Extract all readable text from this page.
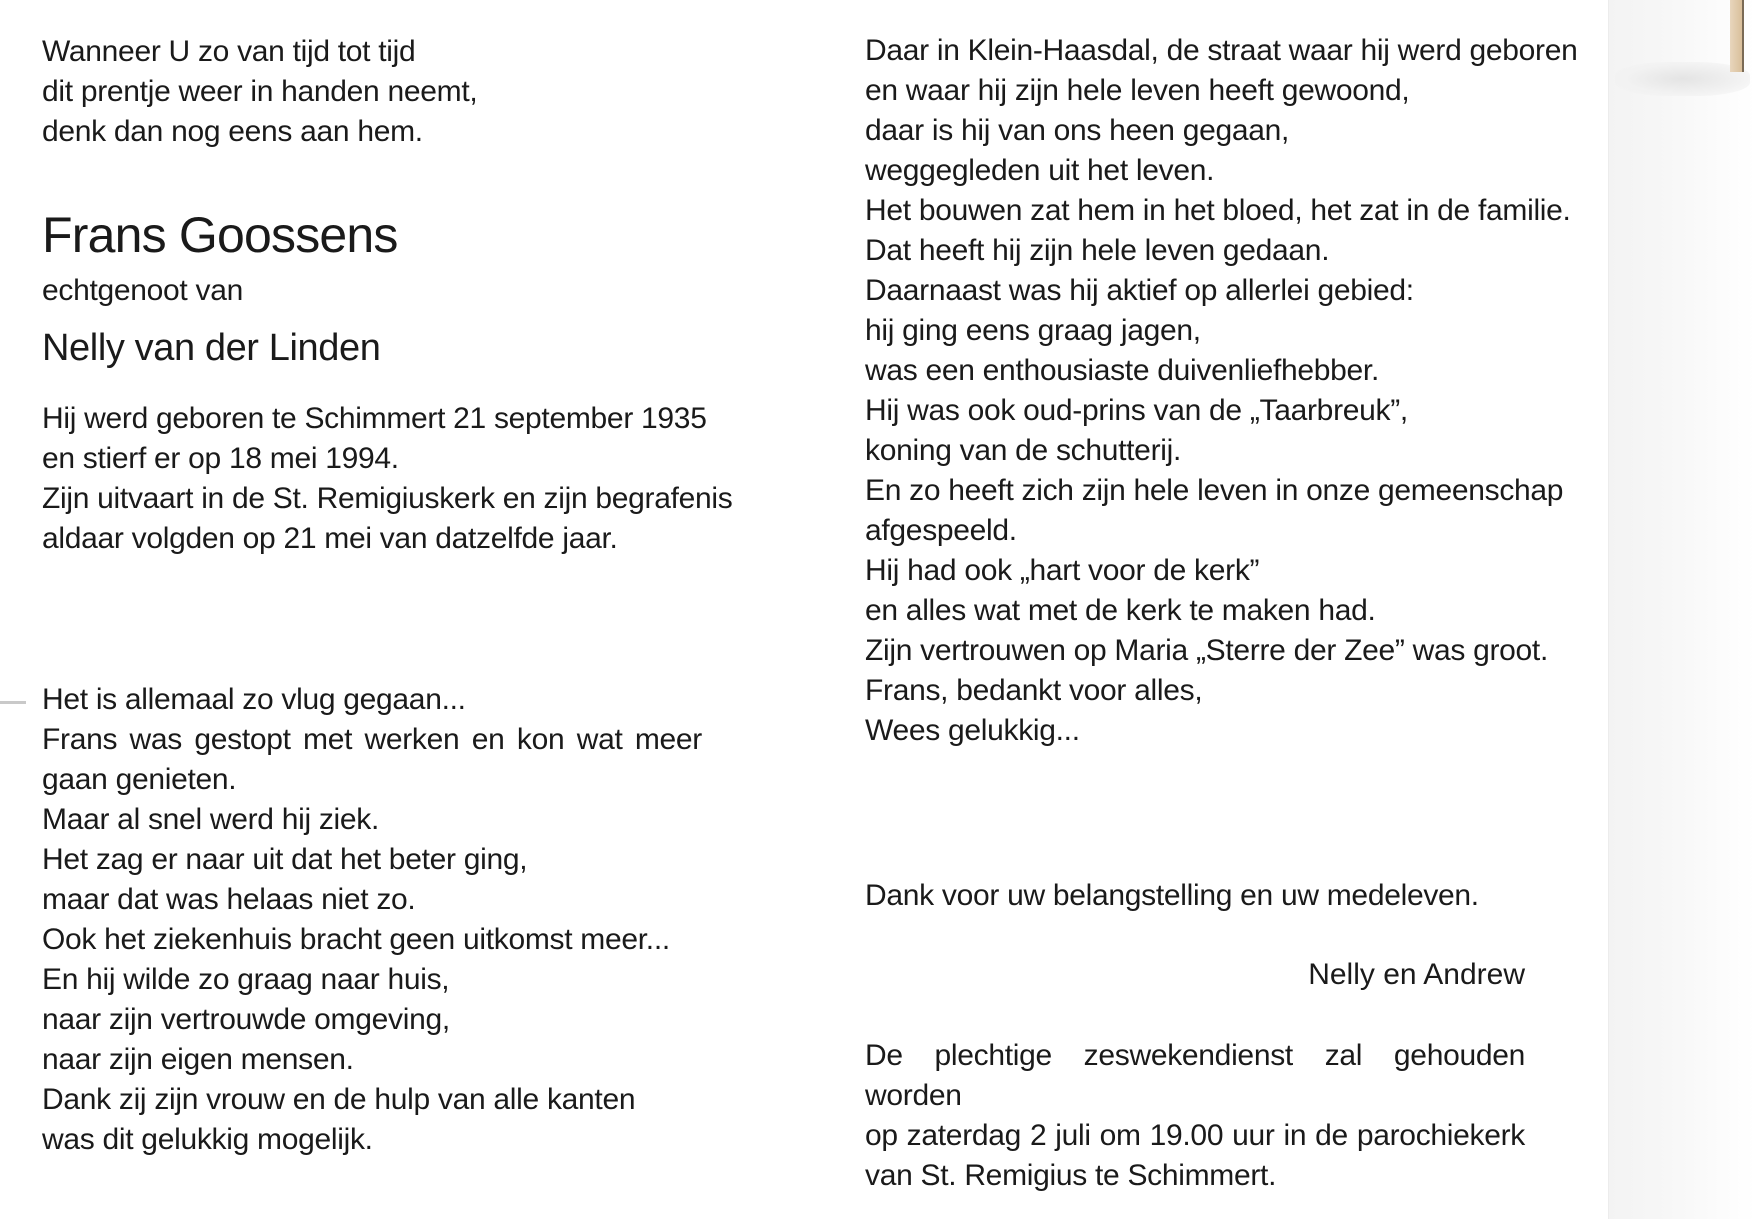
Wanneer U zo van tijd tot tijd
dit prentje weer in handen neemt,
denk dan nog eens aan hem.
Frans Goossens
echtgenoot van
Nelly van der Linden
Hij werd geboren te Schimmert 21 september 1935
en stierf er op 18 mei 1994.
Zijn uitvaart in de St. Remigiuskerk en zijn begrafenis
aldaar volgden op 21 mei van datzelfde jaar.
Het is allemaal zo vlug gegaan...
Frans was gestopt met werken en kon wat meer
gaan genieten.
Maar al snel werd hij ziek.
Het zag er naar uit dat het beter ging,
maar dat was helaas niet zo.
Ook het ziekenhuis bracht geen uitkomst meer...
En hij wilde zo graag naar huis,
naar zijn vertrouwde omgeving,
naar zijn eigen mensen.
Dank zij zijn vrouw en de hulp van alle kanten
was dit gelukkig mogelijk.
Daar in Klein-Haasdal, de straat waar hij werd geboren
en waar hij zijn hele leven heeft gewoond,
daar is hij van ons heen gegaan,
weggegleden uit het leven.
Het bouwen zat hem in het bloed, het zat in de familie.
Dat heeft hij zijn hele leven gedaan.
Daarnaast was hij aktief op allerlei gebied:
hij ging eens graag jagen,
was een enthousiaste duivenliefhebber.
Hij was ook oud-prins van de „Taarbreuk”,
koning van de schutterij.
En zo heeft zich zijn hele leven in onze gemeenschap
afgespeeld.
Hij had ook „hart voor de kerk”
en alles wat met de kerk te maken had.
Zijn vertrouwen op Maria „Sterre der Zee” was groot.
Frans, bedankt voor alles,
Wees gelukkig...
Dank voor uw belangstelling en uw medeleven.
Nelly en Andrew
De plechtige zeswekendienst zal gehouden worden
op zaterdag 2 juli om 19.00 uur in de parochiekerk
van St. Remigius te Schimmert.
